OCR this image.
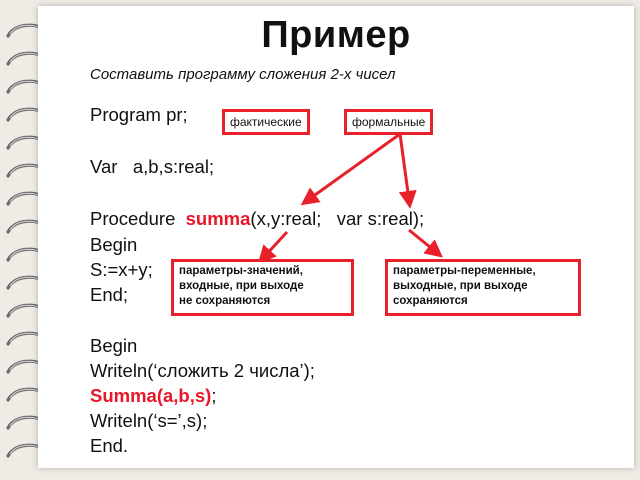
Пример
Составить программу сложения 2-х чисел
Program pr;
Var   a,b,s:real;
Procedure  summa(x,y:real;   var s:real);
Begin
S:=x+y;
End;
Begin
Writeln(‘сложить 2 числа’);
Summa(a,b,s);
Writeln(‘s=’,s);
End.
фактические	формальные
параметры-значений,
входные, при выходе
не сохраняются
параметры-переменные,
выходные, при выходе
сохраняются
